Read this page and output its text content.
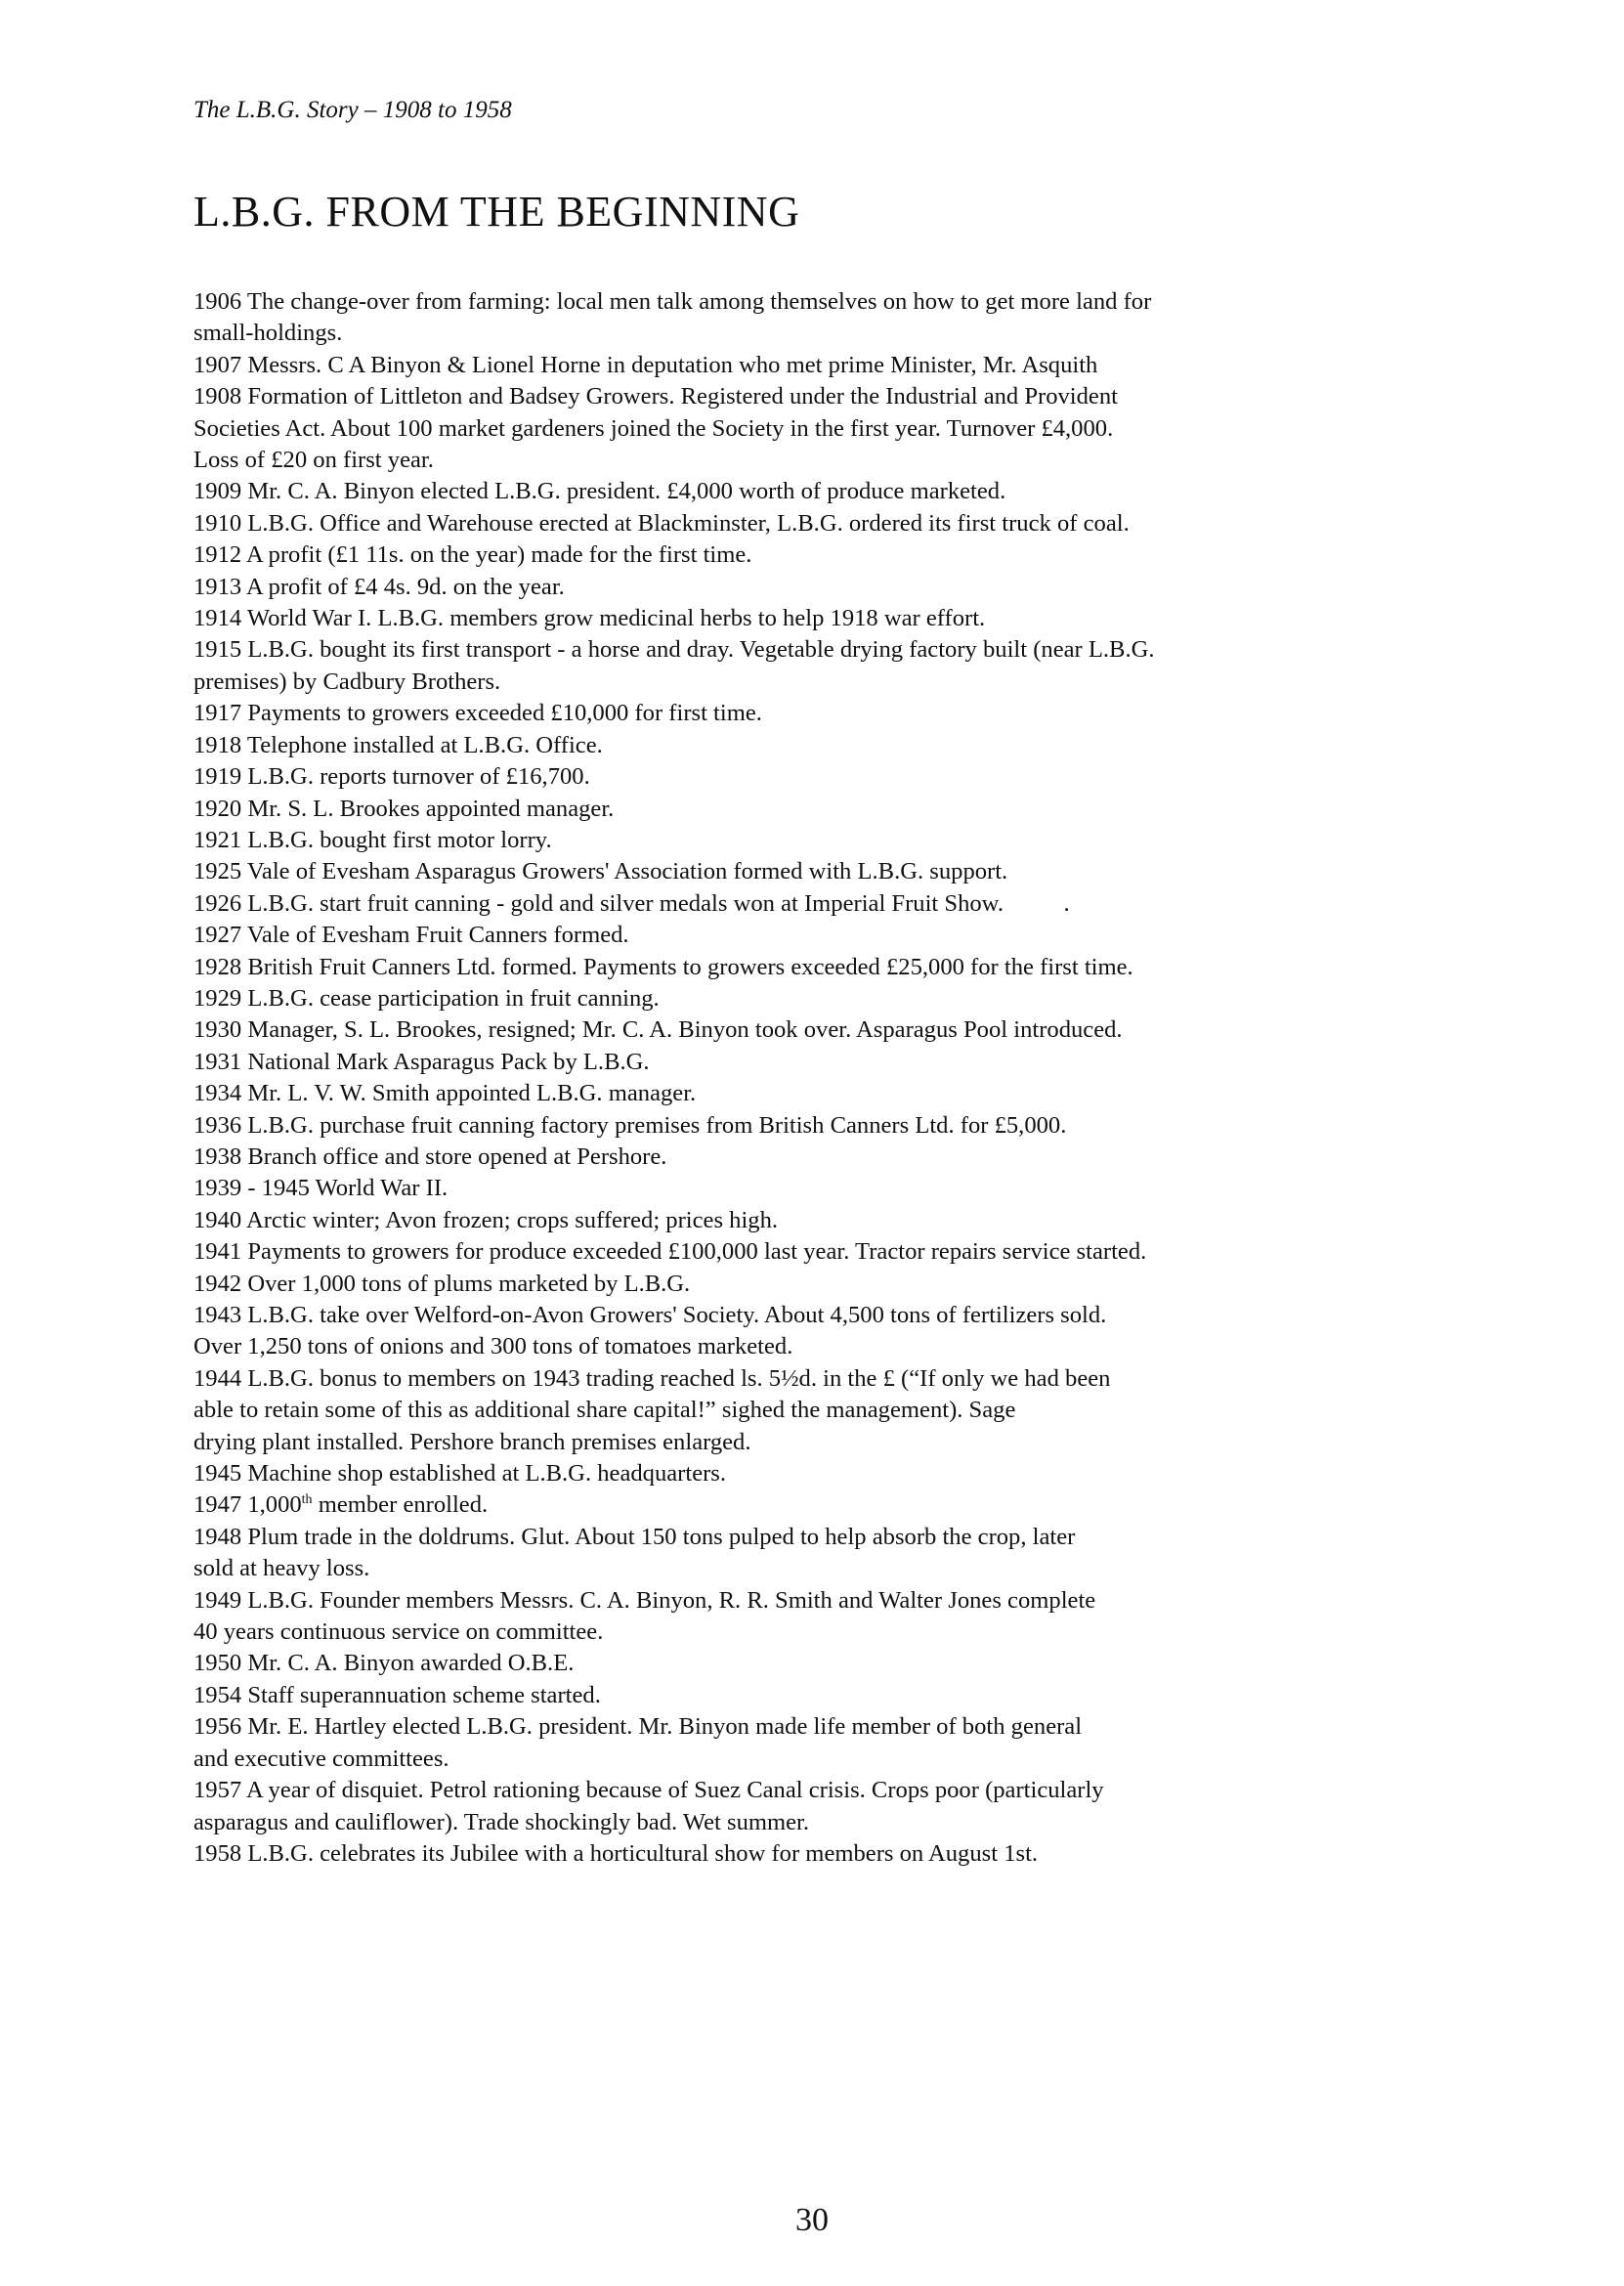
The L.B.G. Story – 1908 to 1958
L.B.G. FROM THE BEGINNING
1906 The change-over from farming: local men talk among themselves on how to get more land for
small-holdings.
1907 Messrs. C A Binyon & Lionel Horne in deputation who met prime Minister, Mr. Asquith
1908 Formation of Littleton and Badsey Growers. Registered under the Industrial and Provident
Societies Act. About 100 market gardeners joined the Society in the first year. Turnover £4,000.
Loss of £20 on first year.
1909 Mr. C. A. Binyon elected L.B.G. president. £4,000 worth of produce marketed.
1910 L.B.G. Office and Warehouse erected at Blackminster, L.B.G. ordered its first truck of coal.
1912 A profit (£1 11s. on the year) made for the first time.
1913 A profit of £4 4s. 9d. on the year.
1914 World War I. L.B.G. members grow medicinal herbs to help 1918 war effort.
1915 L.B.G. bought its first transport - a horse and dray. Vegetable drying factory built (near L.B.G.
premises) by Cadbury Brothers.
1917 Payments to growers exceeded £10,000 for first time.
1918 Telephone installed at L.B.G. Office.
1919 L.B.G. reports turnover of £16,700.
1920 Mr. S. L. Brookes appointed manager.
1921 L.B.G. bought first motor lorry.
1925 Vale of Evesham Asparagus Growers' Association formed with L.B.G. support.
1926 L.B.G. start fruit canning - gold and silver medals won at Imperial Fruit Show.          .
1927 Vale of Evesham Fruit Canners formed.
1928 British Fruit Canners Ltd. formed. Payments to growers exceeded £25,000 for the first time.
1929 L.B.G. cease participation in fruit canning.
1930 Manager, S. L. Brookes, resigned; Mr. C. A. Binyon took over. Asparagus Pool introduced.
1931 National Mark Asparagus Pack by L.B.G.
1934 Mr. L. V. W. Smith appointed L.B.G. manager.
1936 L.B.G. purchase fruit canning factory premises from British Canners Ltd. for £5,000.
1938 Branch office and store opened at Pershore.
1939 - 1945 World War II.
1940 Arctic winter; Avon frozen; crops suffered; prices high.
1941 Payments to growers for produce exceeded £100,000 last year. Tractor repairs service started.
1942 Over 1,000 tons of plums marketed by L.B.G.
1943 L.B.G. take over Welford-on-Avon Growers' Society. About 4,500 tons of fertilizers sold.
Over 1,250 tons of onions and 300 tons of tomatoes marketed.
1944 L.B.G. bonus to members on 1943 trading reached ls. 5½d. in the £ (“If only we had been
able to retain some of this as additional share capital!” sighed the management). Sage
drying plant installed. Pershore branch premises enlarged.
1945 Machine shop established at L.B.G. headquarters.
1947 1,000th member enrolled.
1948 Plum trade in the doldrums. Glut. About 150 tons pulped to help absorb the crop, later
sold at heavy loss.
1949 L.B.G. Founder members Messrs. C. A. Binyon, R. R. Smith and Walter Jones complete
40 years continuous service on committee.
1950 Mr. C. A. Binyon awarded O.B.E.
1954 Staff superannuation scheme started.
1956 Mr. E. Hartley elected L.B.G. president. Mr. Binyon made life member of both general
and executive committees.
1957 A year of disquiet. Petrol rationing because of Suez Canal crisis. Crops poor (particularly
asparagus and cauliflower). Trade shockingly bad. Wet summer.
1958 L.B.G. celebrates its Jubilee with a horticultural show for members on August 1st.
30
